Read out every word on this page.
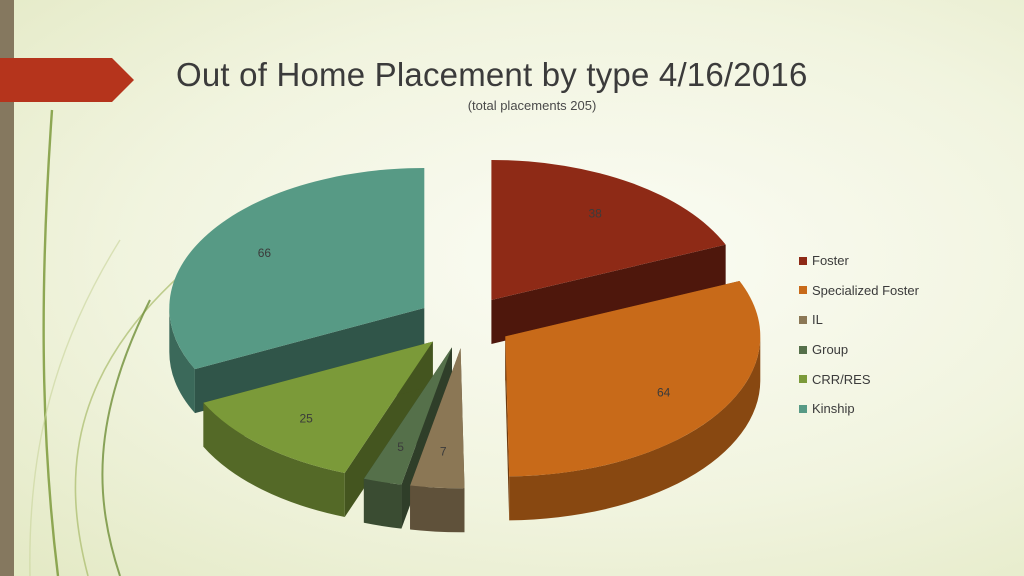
Out of Home Placement by type 4/16/2016
(total placements 205)
38
64
7
5
25
66
Foster
Specialized Foster
IL
Group
CRR/RES
Kinship
